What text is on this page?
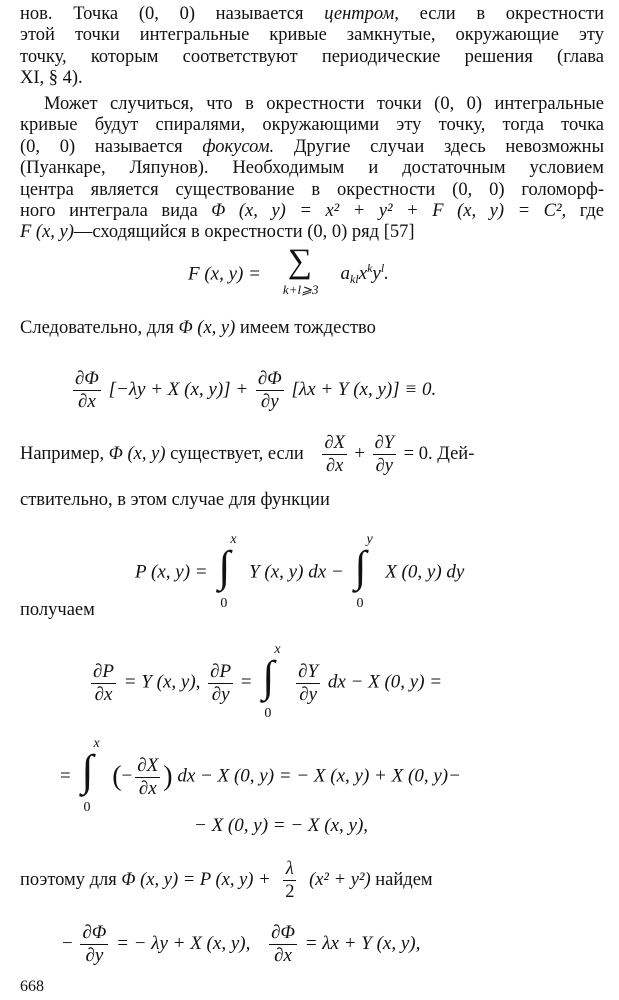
нов. Точка (0, 0) называется центром, если в окрестности
этой точки интегральные кривые замкнутые, окружающие эту
точку, которым соответствуют периодические решения (глава
XI, § 4).
Может случиться, что в окрестности точки (0, 0) интегральные
кривые будут спиралями, окружающими эту точку, тогда точка
(0, 0) называется фокусом. Другие случаи здесь невозможны
(Пуанкаре, Ляпунов). Необходимым и достаточным условием
центра является существование в окрестности (0, 0) голоморф-
ного интеграла вида Φ (x, y) = x² + y² + F (x, y) = C², где
F (x, y)—сходящийся в окрестности (0, 0) ряд [57]
F (x, y) = ∑
k+l⩾3
$a_{kl}x^ky^l$.
Следовательно, для Φ (x, y) имеем тождество
$\frac{\partial\Phi}{\partial x} [-\lambda y + X$ (x, $y)] + \frac{\partial\Phi}{\partial y} [\lambda x + Y$ (x, y)] ≡ 0.
Например, Φ (x, y) существует, если $\frac{\partial X}{\partial x} + \frac{\partial Y}{\partial y} = 0$. Дей-
ствительно, в этом случае для функции
P (x, y) = ∫
x
0
Y (x, y) dx − ∫
y
0
X (0, y) dy
получаем
$\frac{\partial P}{\partial x} = Y$ (x, y), $\frac{\partial P}{\partial y}$ = ∫
x
0

$\frac{\partial Y}{\partial y}$ dx − X (0, y) =
= ∫
x
0
(− $\frac{\partial X}{\partial x}$ ) dx − X (0, y) = − X (x, y) + X (0, y)−
− X (0, y) = − X (x, y),
поэтому для Φ (x, y) = P (x, $y) + \frac{\lambda}{2} (x^2 + y^2)$ найдем
− $\frac{\partial\Phi}{\partial y}$ = − λy + X (x, y), $\frac{\partial\Phi}{\partial x} = \lambda x + Y$ (x, y),
668
